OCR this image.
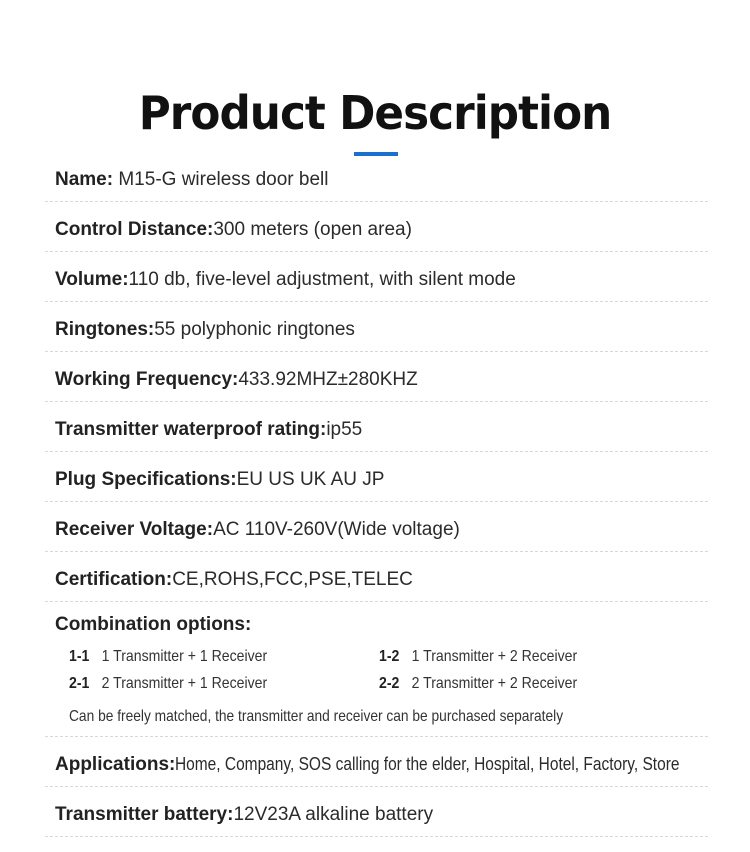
Product Description
Name: M15-G wireless door bell
Control Distance:300 meters (open area)
Volume:110 db, five-level adjustment, with silent mode
Ringtones:55 polyphonic ringtones
Working Frequency:433.92MHZ±280KHZ
Transmitter waterproof rating:ip55
Plug Specifications:EU US UK AU JP
Receiver Voltage:AC 110V-260V(Wide voltage)
Certification:CE,ROHS,FCC,PSE,TELEC
Combination options:
1-1 1 Transmitter + 1 Receiver	1-2 1 Transmitter + 2 Receiver
2-1 2 Transmitter + 1 Receiver	2-2 2 Transmitter + 2 Receiver
Can be freely matched, the transmitter and receiver can be purchased separately
Applications:Home, Company, SOS calling for the elder, Hospital, Hotel, Factory, Store
Transmitter battery:12V23A alkaline battery
